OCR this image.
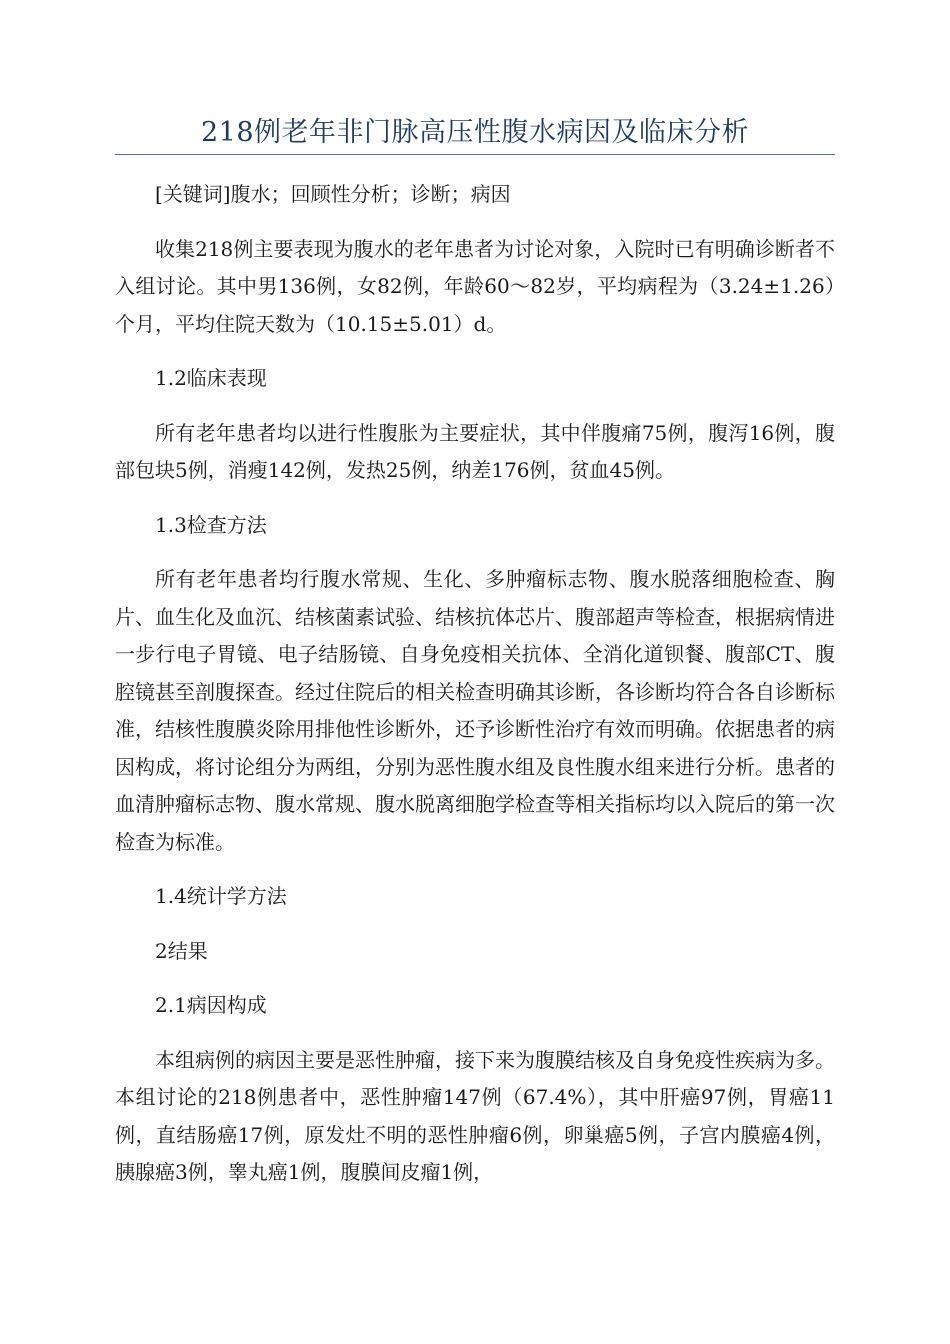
218例老年非门脉高压性腹水病因及临床分析

[关键词]腹水；回顾性分析；诊断；病因

收集218例主要表现为腹水的老年患者为讨论对象，入院时已有明确诊断者不入组讨论。其中男136例，女82例，年龄60～82岁，平均病程为（3.24±1.26）个月，平均住院天数为（10.15±5.01）d。

1.2临床表现

所有老年患者均以进行性腹胀为主要症状，其中伴腹痛75例，腹泻16例，腹部包块5例，消瘦142例，发热25例，纳差176例，贫血45例。

1.3检查方法

所有老年患者均行腹水常规、生化、多肿瘤标志物、腹水脱落细胞检查、胸片、血生化及血沉、结核菌素试验、结核抗体芯片、腹部超声等检查，根据病情进一步行电子胃镜、电子结肠镜、自身免疫相关抗体、全消化道钡餐、腹部CT、腹腔镜甚至剖腹探查。经过住院后的相关检查明确其诊断，各诊断均符合各自诊断标准，结核性腹膜炎除用排他性诊断外，还予诊断性治疗有效而明确。依据患者的病因构成，将讨论组分为两组，分别为恶性腹水组及良性腹水组来进行分析。患者的血清肿瘤标志物、腹水常规、腹水脱离细胞学检查等相关指标均以入院后的第一次检查为标准。

1.4统计学方法

2结果

2.1病因构成

本组病例的病因主要是恶性肿瘤，接下来为腹膜结核及自身免疫性疾病为多。本组讨论的218例患者中，恶性肿瘤147例（67.4%），其中肝癌97例，胃癌11例，直结肠癌17例，原发灶不明的恶性肿瘤6例，卵巢癌5例，子宫内膜癌4例，胰腺癌3例，睾丸癌1例，腹膜间皮瘤1例，
